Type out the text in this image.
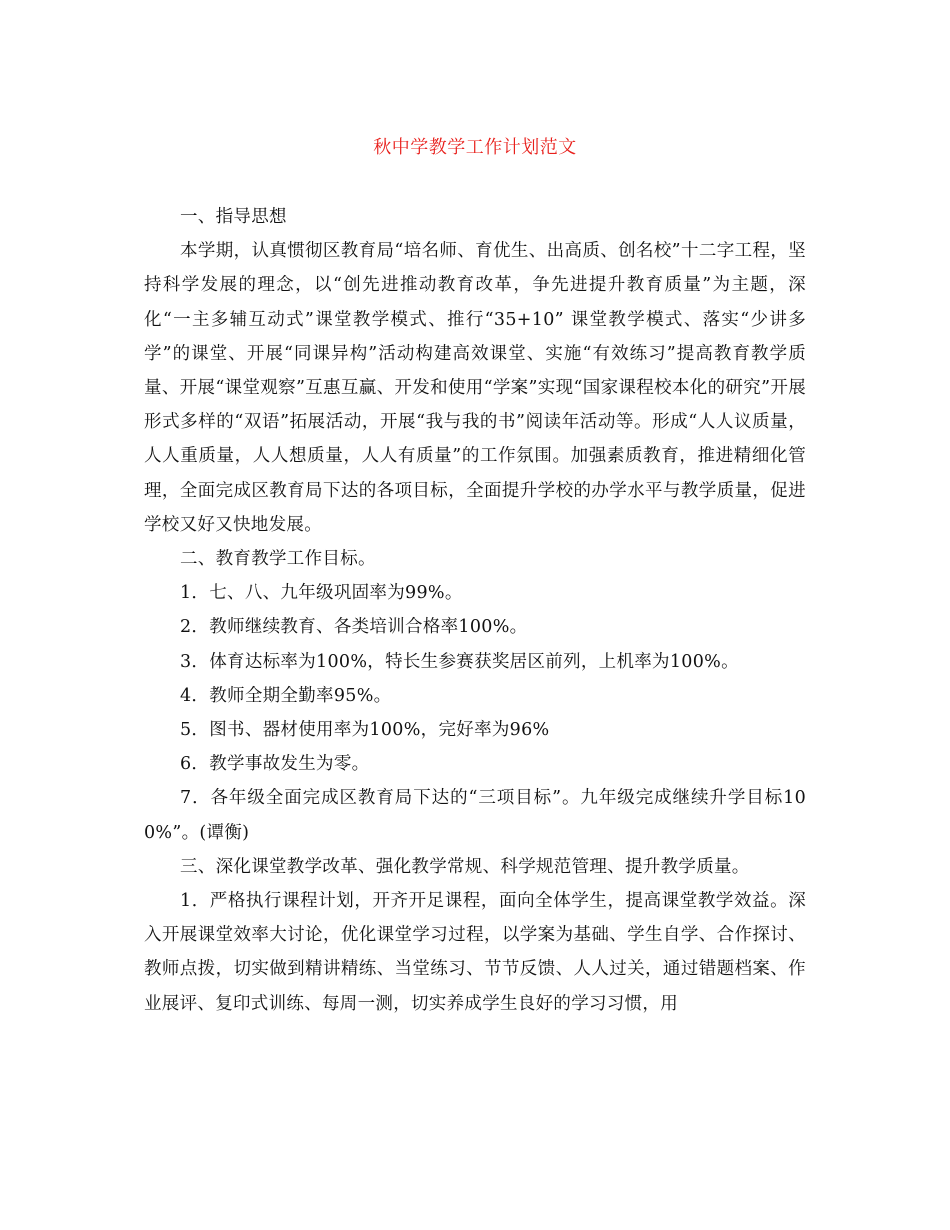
秋中学教学工作计划范文

一、指导思想

本学期，认真惯彻区教育局“培名师、育优生、出高质、创名校”十二字工程，坚持科学发展的理念，以“创先进推动教育改革，争先进提升教育质量”为主题，深化“一主多辅互动式”课堂教学模式、推行“35+10” 课堂教学模式、落实“少讲多学”的课堂、开展“同课异构”活动构建高效课堂、实施“有效练习”提高教育教学质量、开展“课堂观察”互惠互赢、开发和使用“学案”实现“国家课程校本化的研究”开展形式多样的“双语”拓展活动，开展“我与我的书”阅读年活动等。形成“人人议质量，人人重质量，人人想质量，人人有质量”的工作氛围。加强素质教育，推进精细化管理，全面完成区教育局下达的各项目标，全面提升学校的办学水平与教学质量，促进学校又好又快地发展。

二、教育教学工作目标。

1．七、八、九年级巩固率为99%。

2．教师继续教育、各类培训合格率100%。

3．体育达标率为100%，特长生参赛获奖居区前列，上机率为100%。

4．教师全期全勤率95%。

5．图书、器材使用率为100%，完好率为96%

6．教学事故发生为零。

7．各年级全面完成区教育局下达的“三项目标”。九年级完成继续升学目标100%”。(谭衡)

三、深化课堂教学改革、强化教学常规、科学规范管理、提升教学质量。

1．严格执行课程计划，开齐开足课程，面向全体学生，提高课堂教学效益。深入开展课堂效率大讨论，优化课堂学习过程，以学案为基础、学生自学、合作探讨、教师点拨，切实做到精讲精练、当堂练习、节节反馈、人人过关，通过错题档案、作业展评、复印式训练、每周一测，切实养成学生良好的学习习惯，用
